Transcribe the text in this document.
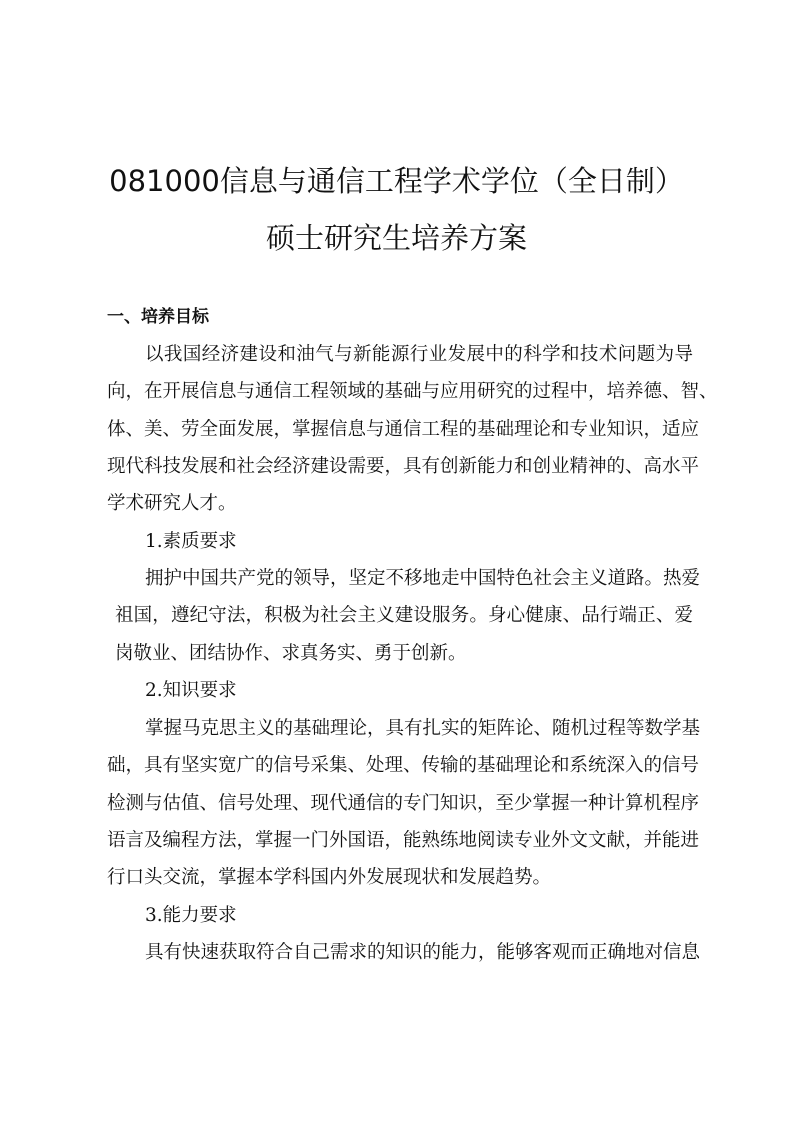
081000信息与通信工程学术学位（全日制）
硕士研究生培养方案
一、培养目标
以我国经济建设和油气与新能源行业发展中的科学和技术问题为导
向，在开展信息与通信工程领域的基础与应用研究的过程中，培养德、智、
体、美、劳全面发展，掌握信息与通信工程的基础理论和专业知识，适应
现代科技发展和社会经济建设需要，具有创新能力和创业精神的、高水平
学术研究人才。
1.素质要求
拥护中国共产党的领导，坚定不移地走中国特色社会主义道路。热爱
祖国，遵纪守法，积极为社会主义建设服务。身心健康、品行端正、爱
岗敬业、团结协作、求真务实、勇于创新。
2.知识要求
掌握马克思主义的基础理论，具有扎实的矩阵论、随机过程等数学基
础，具有坚实宽广的信号采集、处理、传输的基础理论和系统深入的信号
检测与估值、信号处理、现代通信的专门知识，至少掌握一种计算机程序
语言及编程方法，掌握一门外国语，能熟练地阅读专业外文文献，并能进
行口头交流，掌握本学科国内外发展现状和发展趋势。
3.能力要求
具有快速获取符合自己需求的知识的能力，能够客观而正确地对信息
